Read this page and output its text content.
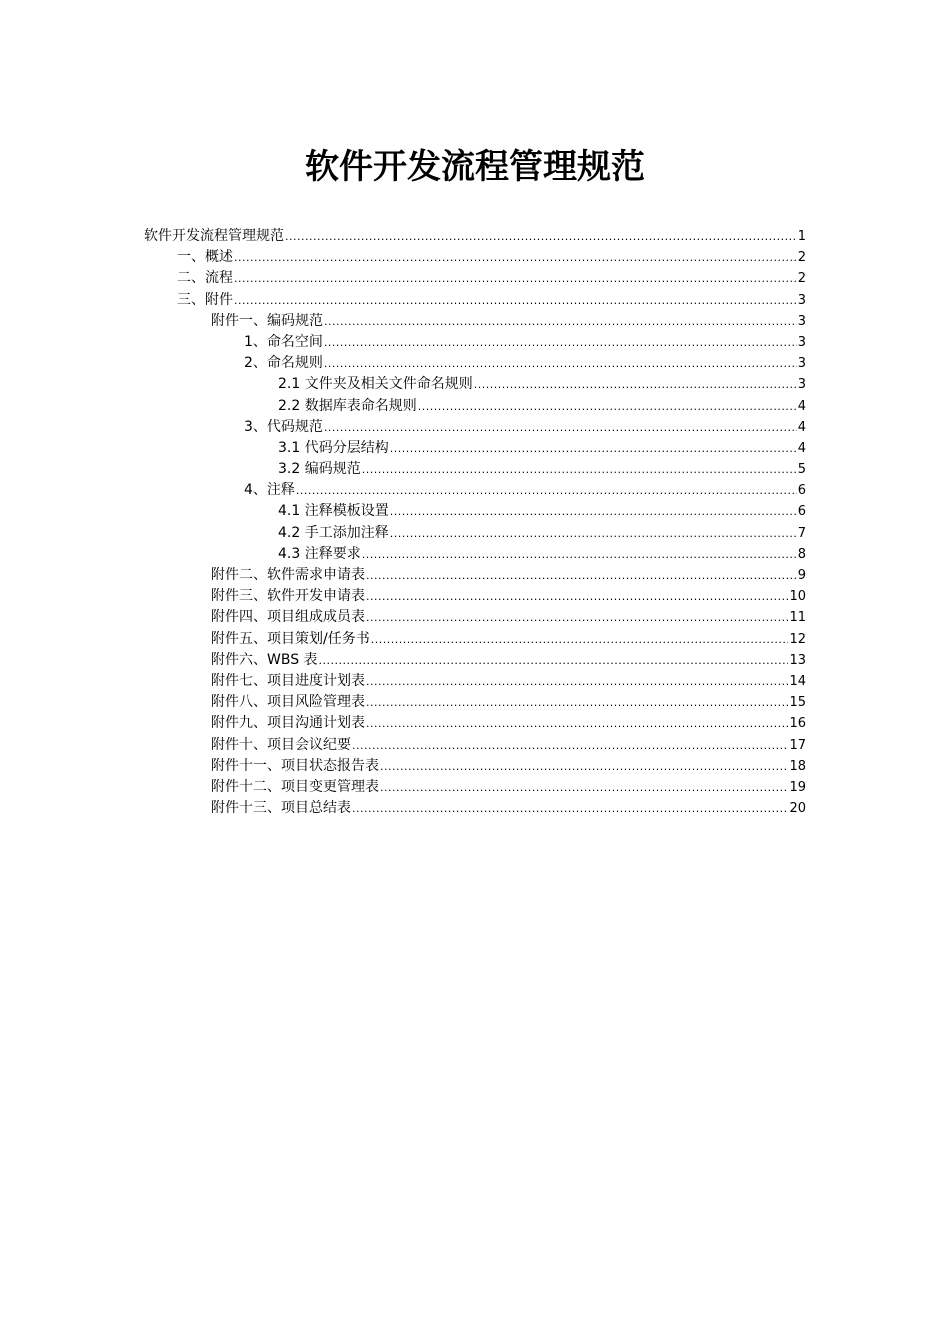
软件开发流程管理规范
软件开发流程管理规范 .....	1
一、概述 .....	2
二、流程 .....	2
三、附件 .....	3
附件一、编码规范 .....	3
1、命名空间 .....	3
2、命名规则 .....	3
2.1 文件夹及相关文件命名规则 .....	3
2.2 数据库表命名规则 .....	4
3、代码规范 .....	4
3.1 代码分层结构 .....	4
3.2 编码规范 .....	5
4、注释 .....	6
4.1 注释模板设置 .....	6
4.2 手工添加注释 .....	7
4.3 注释要求 .....	8
附件二、软件需求申请表 .....	9
附件三、软件开发申请表 .....	10
附件四、项目组成成员表 .....	11
附件五、项目策划/任务书 .....	12
附件六、WBS 表 .....	13
附件七、项目进度计划表 .....	14
附件八、项目风险管理表 .....	15
附件九、项目沟通计划表 .....	16
附件十、项目会议纪要 .....	17
附件十一、项目状态报告表 .....	18
附件十二、项目变更管理表 .....	19
附件十三、项目总结表 .....	20
